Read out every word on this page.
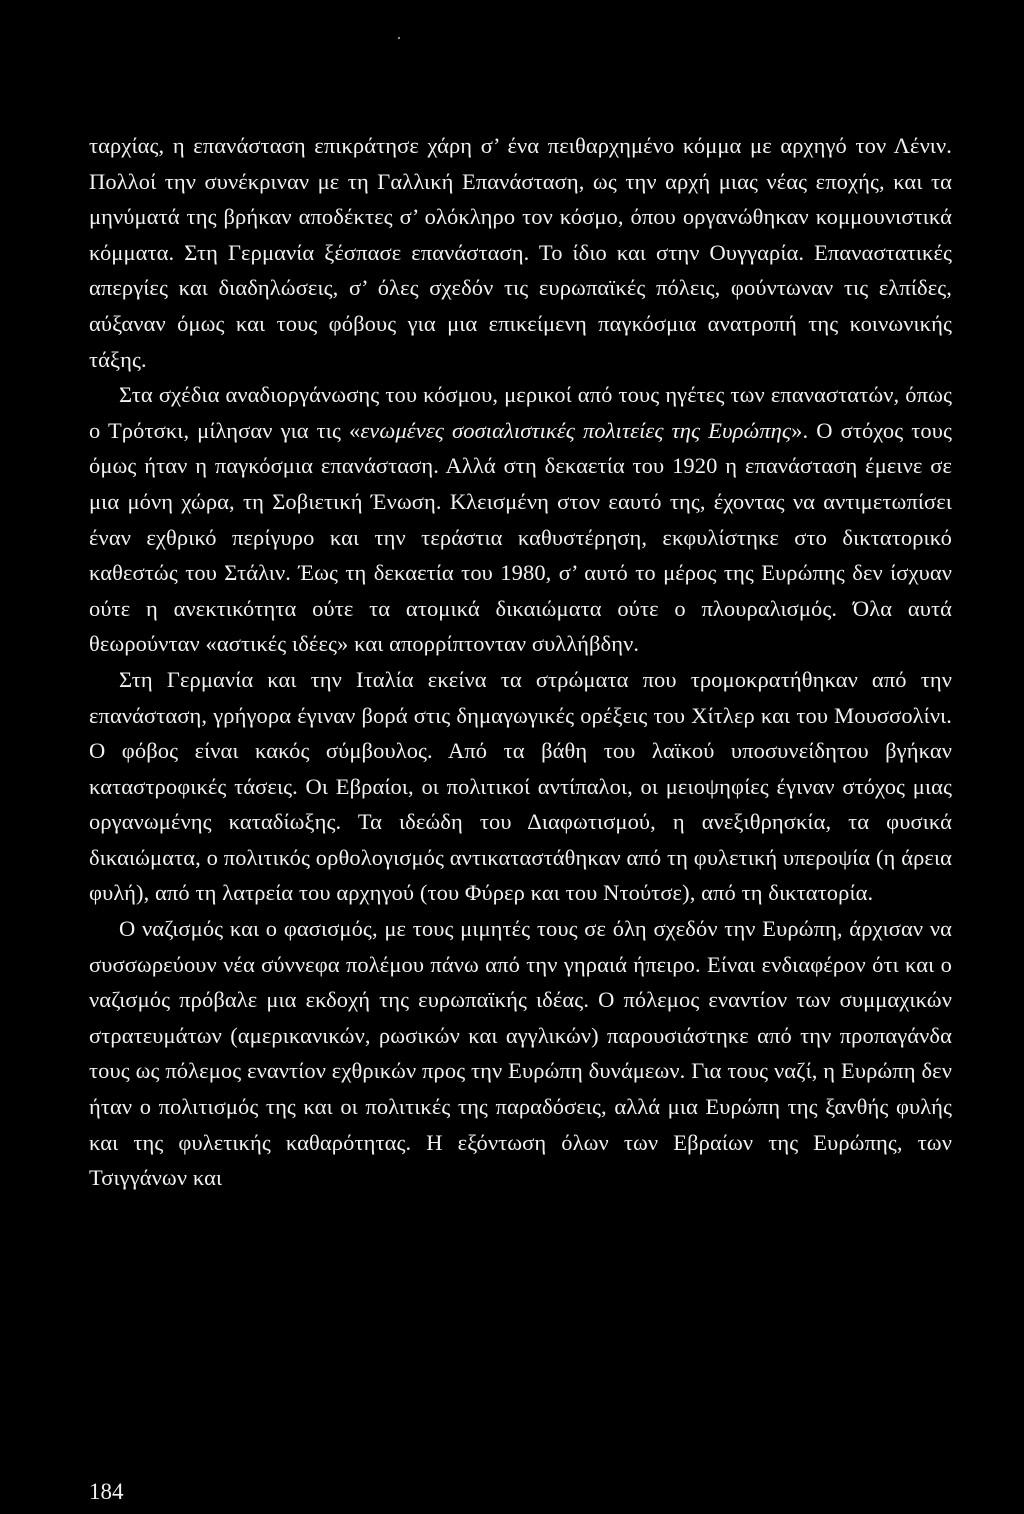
ταρχίας, η επανάσταση επικράτησε χάρη σ’ ένα πειθαρχημένο κόμμα με αρχηγό τον Λένιν. Πολλοί την συνέκριναν με τη Γαλλική Επανάσταση, ως την αρχή μιας νέας εποχής, και τα μηνύματά της βρήκαν αποδέκτες σ’ ολόκληρο τον κόσμο, όπου οργανώθηκαν κομμουνιστικά κόμματα. Στη Γερμανία ξέσπασε επανάσταση. Το ίδιο και στην Ουγγαρία. Επαναστατικές απεργίες και διαδηλώσεις, σ’ όλες σχεδόν τις ευρωπαϊκές πόλεις, φούντωναν τις ελπίδες, αύξαναν όμως και τους φόβους για μια επικείμενη παγκόσμια ανατροπή της κοινωνικής τάξης.

Στα σχέδια αναδιοργάνωσης του κόσμου, μερικοί από τους ηγέτες των επαναστατών, όπως ο Τρότσκι, μίλησαν για τις «ενωμένες σοσιαλιστικές πολιτείες της Ευρώπης». Ο στόχος τους όμως ήταν η παγκόσμια επανάσταση. Αλλά στη δεκαετία του 1920 η επανάσταση έμεινε σε μια μόνη χώρα, τη Σοβιετική Ένωση. Κλεισμένη στον εαυτό της, έχοντας να αντιμετωπίσει έναν εχθρικό περίγυρο και την τεράστια καθυστέρηση, εκφυλίστηκε στο δικτατορικό καθεστώς του Στάλιν. Έως τη δεκαετία του 1980, σ’ αυτό το μέρος της Ευρώπης δεν ίσχυαν ούτε η ανεκτικότητα ούτε τα ατομικά δικαιώματα ούτε ο πλουραλισμός. Όλα αυτά θεωρούνταν «αστικές ιδέες» και απορρίπτονταν συλλήβδην.

Στη Γερμανία και την Ιταλία εκείνα τα στρώματα που τρομοκρατήθηκαν από την επανάσταση, γρήγορα έγιναν βορά στις δημαγωγικές ορέξεις του Χίτλερ και του Μουσσολίνι. Ο φόβος είναι κακός σύμβουλος. Από τα βάθη του λαϊκού υποσυνείδητου βγήκαν καταστροφικές τάσεις. Οι Εβραίοι, οι πολιτικοί αντίπαλοι, οι μειοψηφίες έγιναν στόχος μιας οργανωμένης καταδίωξης. Τα ιδεώδη του Διαφωτισμού, η ανεξιθρησκία, τα φυσικά δικαιώματα, ο πολιτικός ορθολογισμός αντικαταστάθηκαν από τη φυλετική υπεροψία (η άρεια φυλή), από τη λατρεία του αρχηγού (του Φύρερ και του Ντούτσε), από τη δικτατορία.

Ο ναζισμός και ο φασισμός, με τους μιμητές τους σε όλη σχεδόν την Ευρώπη, άρχισαν να συσσωρεύουν νέα σύννεφα πολέμου πάνω από την γηραιά ήπειρο. Είναι ενδιαφέρον ότι και ο ναζισμός πρόβαλε μια εκδοχή της ευρωπαϊκής ιδέας. Ο πόλεμος εναντίον των συμμαχικών στρατευμάτων (αμερικανικών, ρωσικών και αγγλικών) παρουσιάστηκε από την προπαγάνδα τους ως πόλεμος εναντίον εχθρικών προς την Ευρώπη δυνάμεων. Για τους ναζί, η Ευρώπη δεν ήταν ο πολιτισμός της και οι πολιτικές της παραδόσεις, αλλά μια Ευρώπη της ξανθής φυλής και της φυλετικής καθαρότητας. Η εξόντωση όλων των Εβραίων της Ευρώπης, των Τσιγγάνων και

184
